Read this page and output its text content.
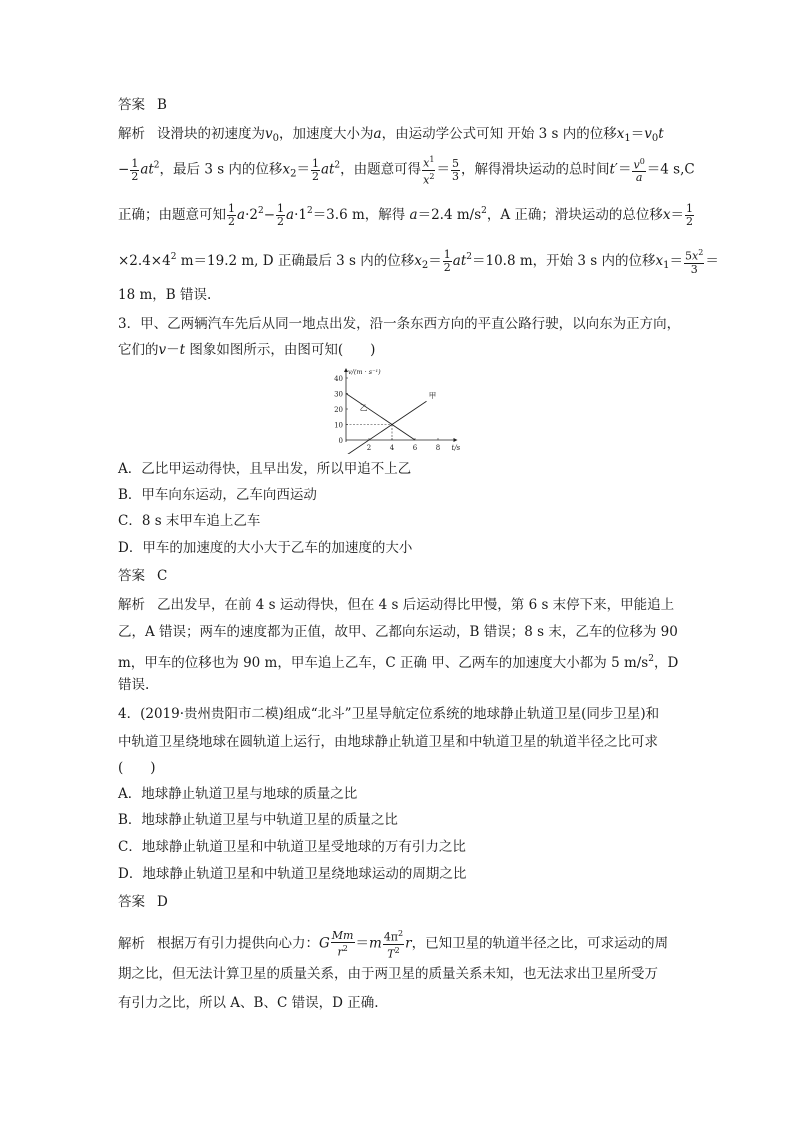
答案 B
解析 设滑块的初速度为$v_0$，加速度大小为a，由运动学公式可知 开始 3 s 内的位移$x_1=v_0t$
− $\frac{1}{2} at^2$，最后 3 s 内的位移$x_2= \frac{1}{2} at^2$，由题意可得 $\frac{x^1}{x^2} = \frac{5}{3}$ ，解得滑块运动的总时间$t'= \frac{v^0}{a} =4$ s,C
正确；由题意可知 $\frac{1}{2} a\cdot 2^2- \frac{1}{2} a\cdot 1^2=3.6$ m，解得 a＝2.4 $m/s^2$，A 正确；滑块运动的总位移$x= \frac{1}{2}$
$\times 2.4\times 4^2$ m＝19.2 m, D 正确最后 3 s 内的位移$x_2= \frac{1}{2} at^2=10.8$ m，开始 3 s 内的位移$x_1= \frac{5x^2}{3}$ ＝
18 m，B 错误.
3．甲、乙两辆汽车先后从同一地点出发，沿一条东西方向的平直公路行驶，以向东为正方向，
它们的v－t 图象如图所示，由图可知(　　)
0
10
20
30
40
2	4	6	8
v/(m · s⁻¹)
t/s
甲
乙
A．乙比甲运动得快，且早出发，所以甲追不上乙
B．甲车向东运动，乙车向西运动
C．8 s 末甲车追上乙车
D．甲车的加速度的大小大于乙车的加速度的大小
答案 C
解析 乙出发早，在前 4 s 运动得快，但在 4 s 后运动得比甲慢，第 6 s 末停下来，甲能追上
乙，A 错误；两车的速度都为正值，故甲、乙都向东运动，B 错误；8 s 末，乙车的位移为 90
m，甲车的位移也为 90 m，甲车追上乙车，C 正确 甲、乙两车的加速度大小都为 5 $m/s^2$，D
错误.
4．(2019·贵州贵阳市二模)组成“北斗”卫星导航定位系统的地球静止轨道卫星(同步卫星)和
中轨道卫星绕地球在圆轨道上运行，由地球静止轨道卫星和中轨道卫星的轨道半径之比可求
(　　)
A．地球静止轨道卫星与地球的质量之比
B．地球静止轨道卫星与中轨道卫星的质量之比
C．地球静止轨道卫星和中轨道卫星受地球的万有引力之比
D．地球静止轨道卫星和中轨道卫星绕地球运动的周期之比
答案 D
解析 根据万有引力提供向心力：G $\frac{Mm}{r^2} =m \frac{4\pi^2}{T^2}$ r，已知卫星的轨道半径之比，可求运动的周
期之比，但无法计算卫星的质量关系，由于两卫星的质量关系未知，也无法求出卫星所受万
有引力之比，所以 A、B、C 错误，D 正确.
